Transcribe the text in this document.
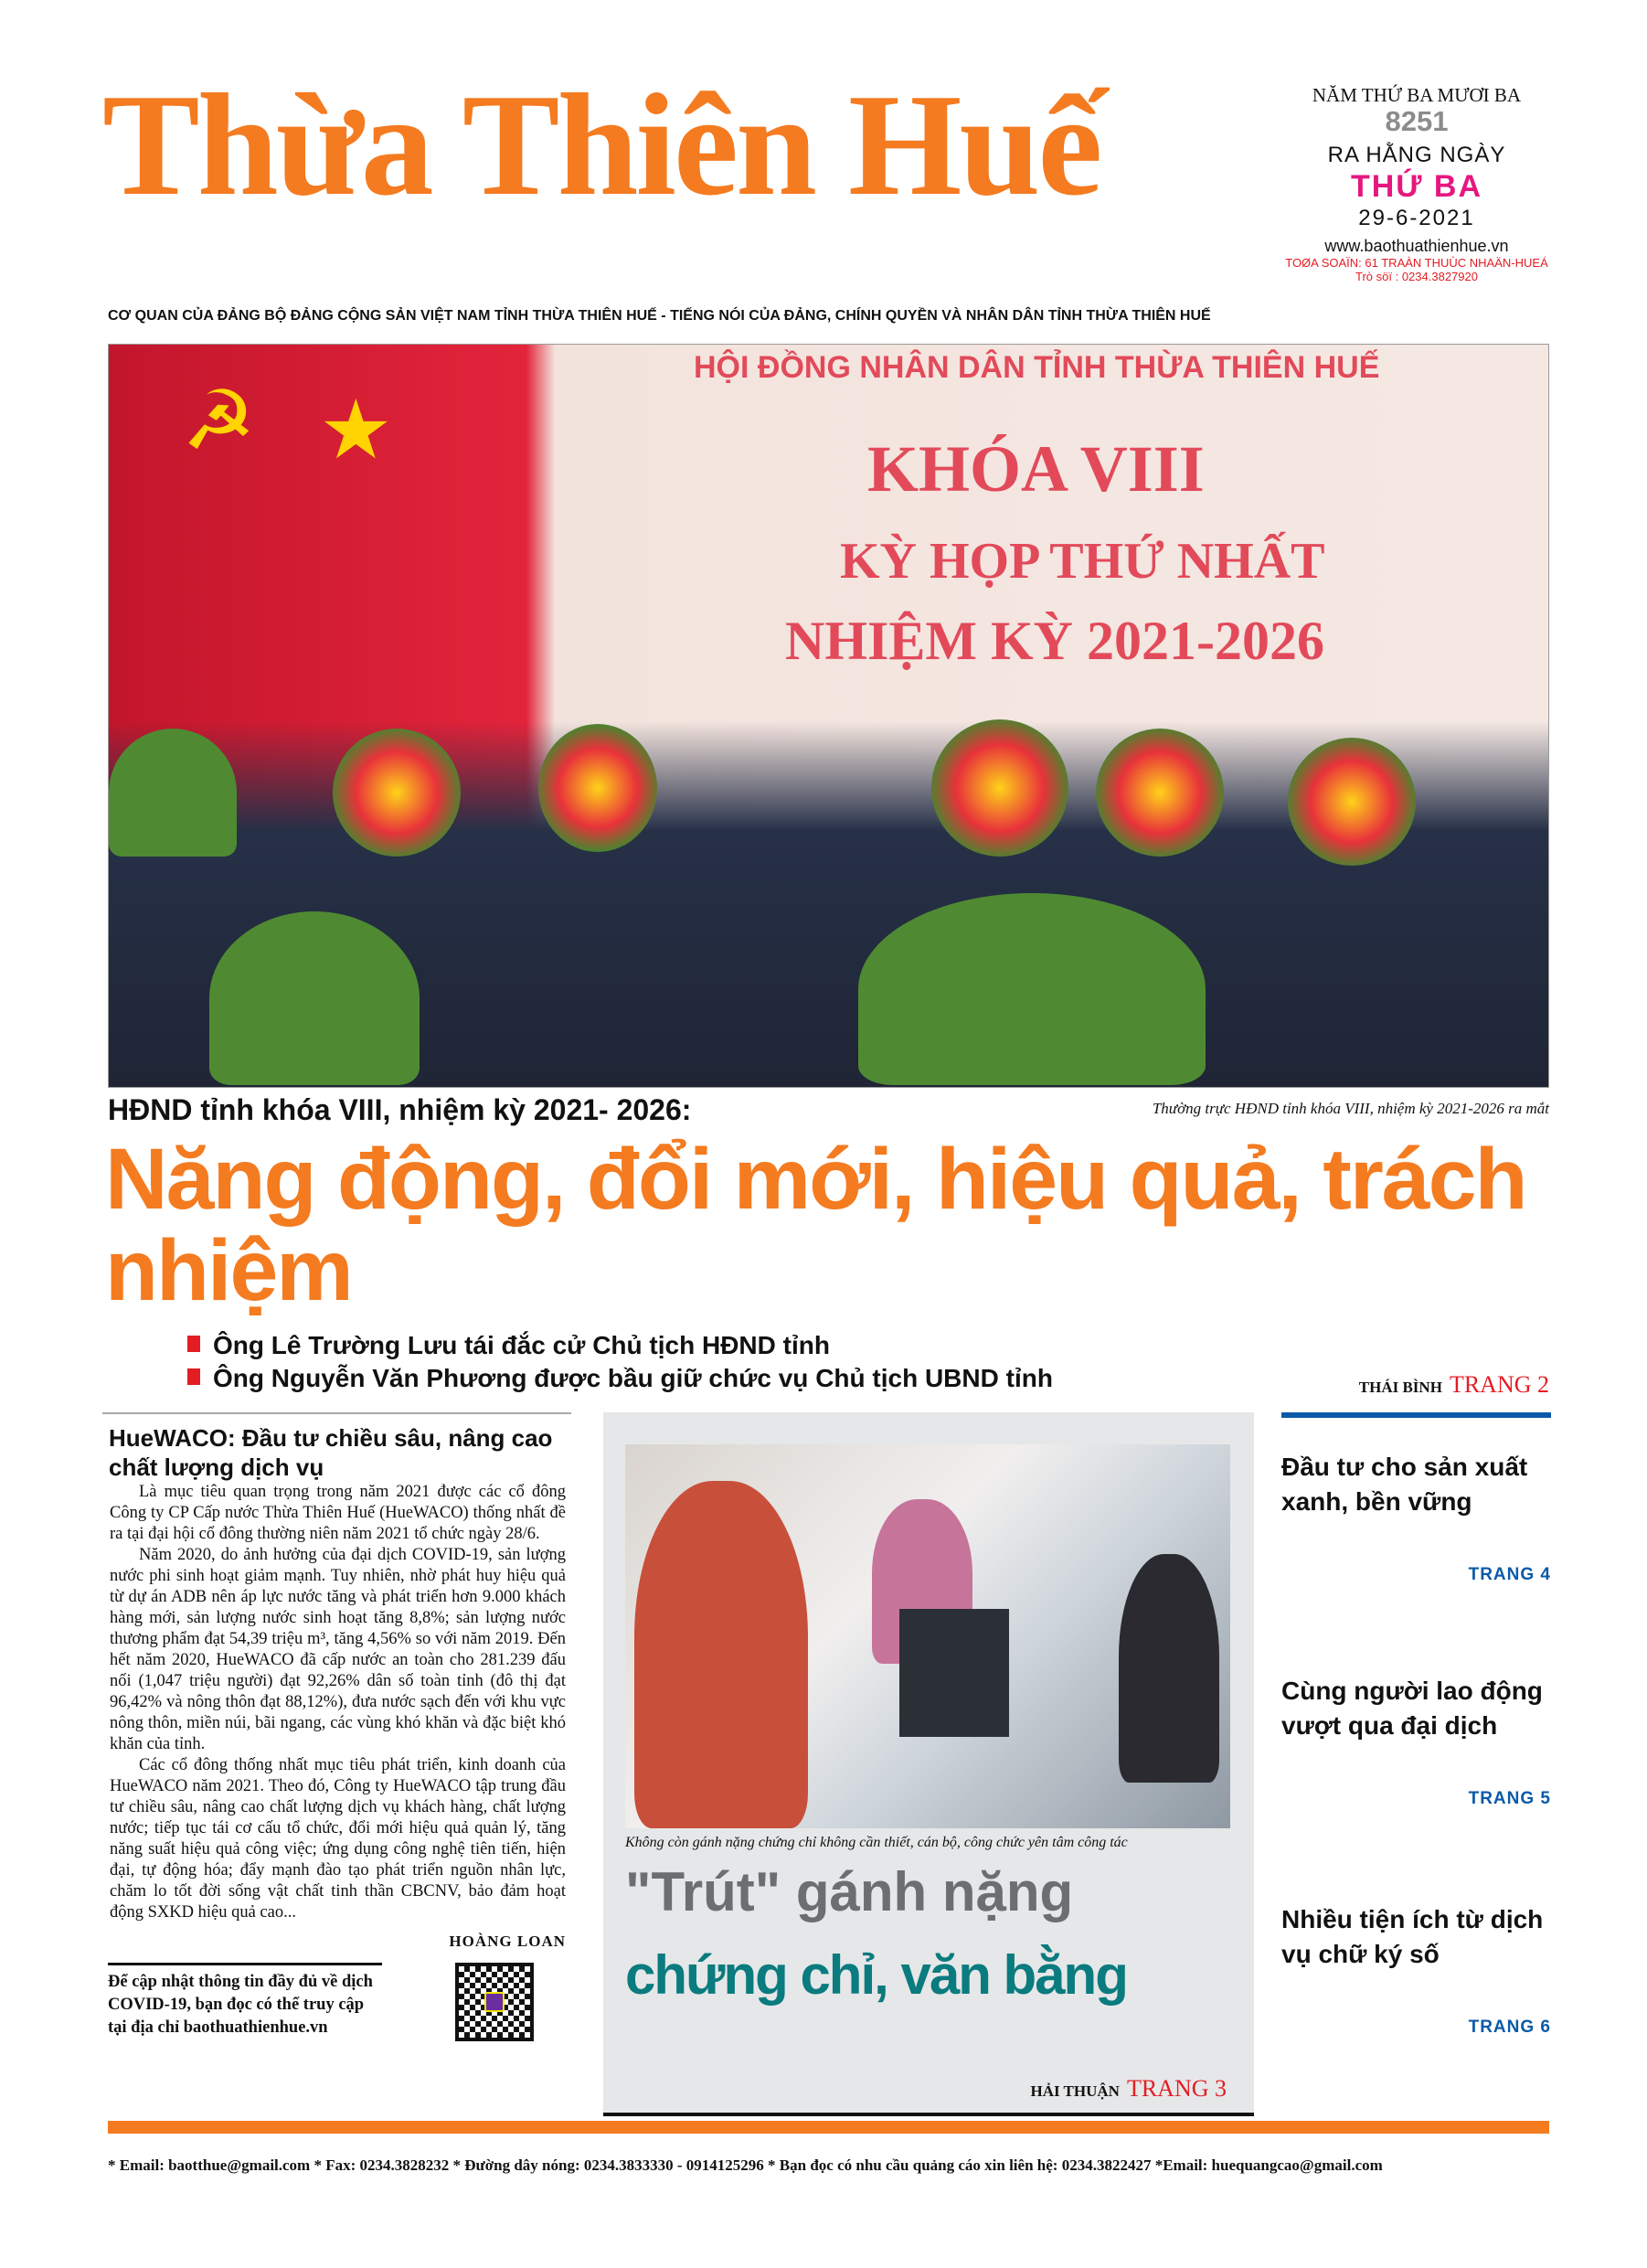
Thừa Thiên Huế	NĂM THỨ BA MƯƠI BA
8251
RA HẰNG NGÀY
THỨ BA
29-6-2021
www.baothuathienhue.vn
TOØA SOAÏN: 61 TRAÀN THUÙC NHAÄN-HUEÁ
Trò söï : 0234.3827920
CƠ QUAN CỦA ĐẢNG BỘ ĐẢNG CỘNG SẢN VIỆT NAM TỈNH THỪA THIÊN HUẾ - TIẾNG NÓI CỦA ĐẢNG, CHÍNH QUYỀN VÀ NHÂN DÂN TỈNH THỪA THIÊN HUẾ
☭ ★
HỘI ĐỒNG NHÂN DÂN TỈNH THỪA THIÊN HUẾ
KHÓA VIII
KỲ HỌP THỨ NHẤT
NHIỆM KỲ 2021-2026
HĐND tỉnh khóa VIII, nhiệm kỳ 2021- 2026:	Thường trực HĐND tỉnh khóa VIII, nhiệm kỳ 2021-2026 ra mắt
Năng động, đổi mới, hiệu quả, trách nhiệm
Ông Lê Trường Lưu tái đắc cử Chủ tịch HĐND tỉnh
Ông Nguyễn Văn Phương được bầu giữ chức vụ Chủ tịch UBND tỉnh	THÁI BÌNH TRANG 2
HueWACO: Đầu tư chiều sâu, nâng cao chất lượng dịch vụ

Là mục tiêu quan trọng trong năm 2021 được các cổ đông Công ty CP Cấp nước Thừa Thiên Huế (HueWACO) thống nhất đề ra tại đại hội cổ đông thường niên năm 2021 tổ chức ngày 28/6.

Năm 2020, do ảnh hưởng của đại dịch COVID-19, sản lượng nước phi sinh hoạt giảm mạnh. Tuy nhiên, nhờ phát huy hiệu quả từ dự án ADB nên áp lực nước tăng và phát triển hơn 9.000 khách hàng mới, sản lượng nước sinh hoạt tăng 8,8%; sản lượng nước thương phẩm đạt 54,39 triệu m³, tăng 4,56% so với năm 2019. Đến hết năm 2020, HueWACO đã cấp nước an toàn cho 281.239 đấu nối (1,047 triệu người) đạt 92,26% dân số toàn tỉnh (đô thị đạt 96,42% và nông thôn đạt 88,12%), đưa nước sạch đến với khu vực nông thôn, miền núi, bãi ngang, các vùng khó khăn và đặc biệt khó khăn của tỉnh.

Các cổ đông thống nhất mục tiêu phát triển, kinh doanh của HueWACO năm 2021. Theo đó, Công ty HueWACO tập trung đầu tư chiều sâu, nâng cao chất lượng dịch vụ khách hàng, chất lượng nước; tiếp tục tái cơ cấu tổ chức, đổi mới hiệu quả quản lý, tăng năng suất hiệu quả công việc; ứng dụng công nghệ tiên tiến, hiện đại, tự động hóa; đẩy mạnh đào tạo phát triển nguồn nhân lực, chăm lo tốt đời sống vật chất tinh thần CBCNV, bảo đảm hoạt động SXKD hiệu quả cao...

HOÀNG LOAN
Để cập nhật thông tin đầy đủ về dịch COVID-19, bạn đọc có thể truy cập tại địa chỉ baothuathienhue.vn
Không còn gánh nặng chứng chỉ không cần thiết, cán bộ, công chức yên tâm công tác
"Trút" gánh nặng
chứng chỉ, văn bằng
HẢI THUẬN TRANG 3
Đầu tư cho sản xuất xanh, bền vững
TRANG 4
Cùng người lao động vượt qua đại dịch
TRANG 5
Nhiều tiện ích từ dịch vụ chữ ký số
TRANG 6
* Email: baotthue@gmail.com * Fax: 0234.3828232 * Đường dây nóng: 0234.3833330 - 0914125296 * Bạn đọc có nhu cầu quảng cáo xin liên hệ: 0234.3822427 *Email: huequangcao@gmail.com
